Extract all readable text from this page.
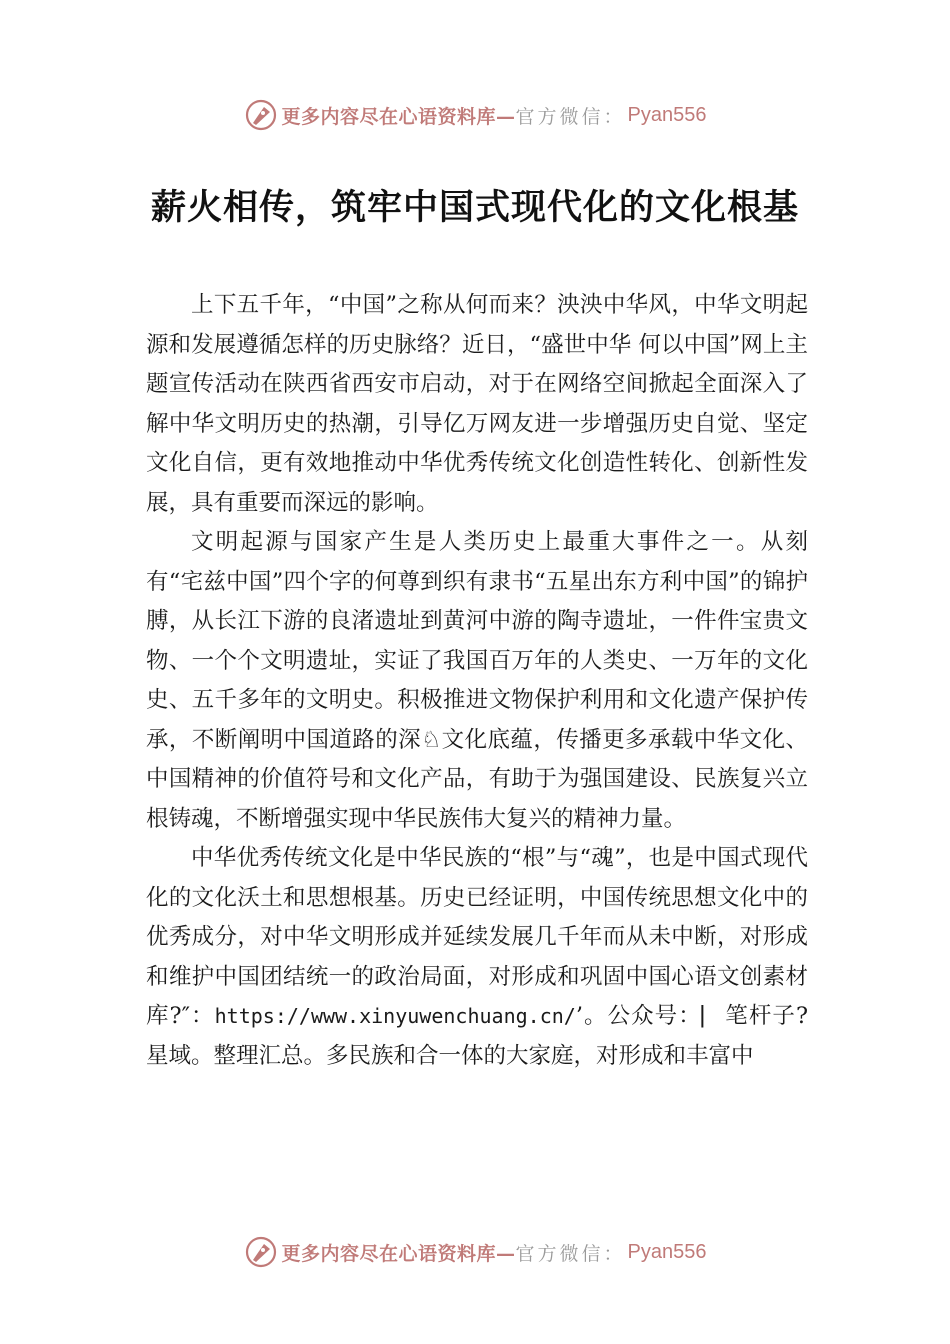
更多内容尽在心语资料库— 官方微信： Pyan556
薪火相传，筑牢中国式现代化的文化根基

上下五千年，“中国”之称从何而来？泱泱中华风，中华文明起源和发展遵循怎样的历史脉络？近日，“盛世中华 何以中国”网上主题宣传活动在陕西省西安市启动，对于在网络空间掀起全面深入了解中华文明历史的热潮，引导亿万网友进一步增强历史自觉、坚定文化自信，更有效地推动中华优秀传统文化创造性转化、创新性发展，具有重要而深远的影响。

文明起源与国家产生是人类历史上最重大事件之一。从刻有“宅兹中国”四个字的何尊到织有隶书“五星出东方利中国”的锦护膊，从长江下游的良渚遗址到黄河中游的陶寺遗址，一件件宝贵文物、一个个文明遗址，实证了我国百万年的人类史、一万年的文化史、五千多年的文明史。积极推进文物保护利用和文化遗产保护传承，不断阐明中国道路的深♘文化底蕴，传播更多承载中华文化、中国精神的价值符号和文化产品，有助于为强国建设、民族复兴立根铸魂，不断增强实现中华民族伟大复兴的精神力量。

中华优秀传统文化是中华民族的“根”与“魂”，也是中国式现代化的文化沃土和思想根基。历史已经证明，中国传统思想文化中的优秀成分，对中华文明形成并延续发展几千年而从未中断，对形成和维护中国团结统一的政治局面，对形成和巩固中国心语文创素材库?″：https://www.xinyuwenchuang.cn/’。公众号：⎸笔杆子?星域。整理汇总。多民族和合一体的大家庭，对形成和丰富中

更多内容尽在心语资料库— 官方微信： Pyan556
